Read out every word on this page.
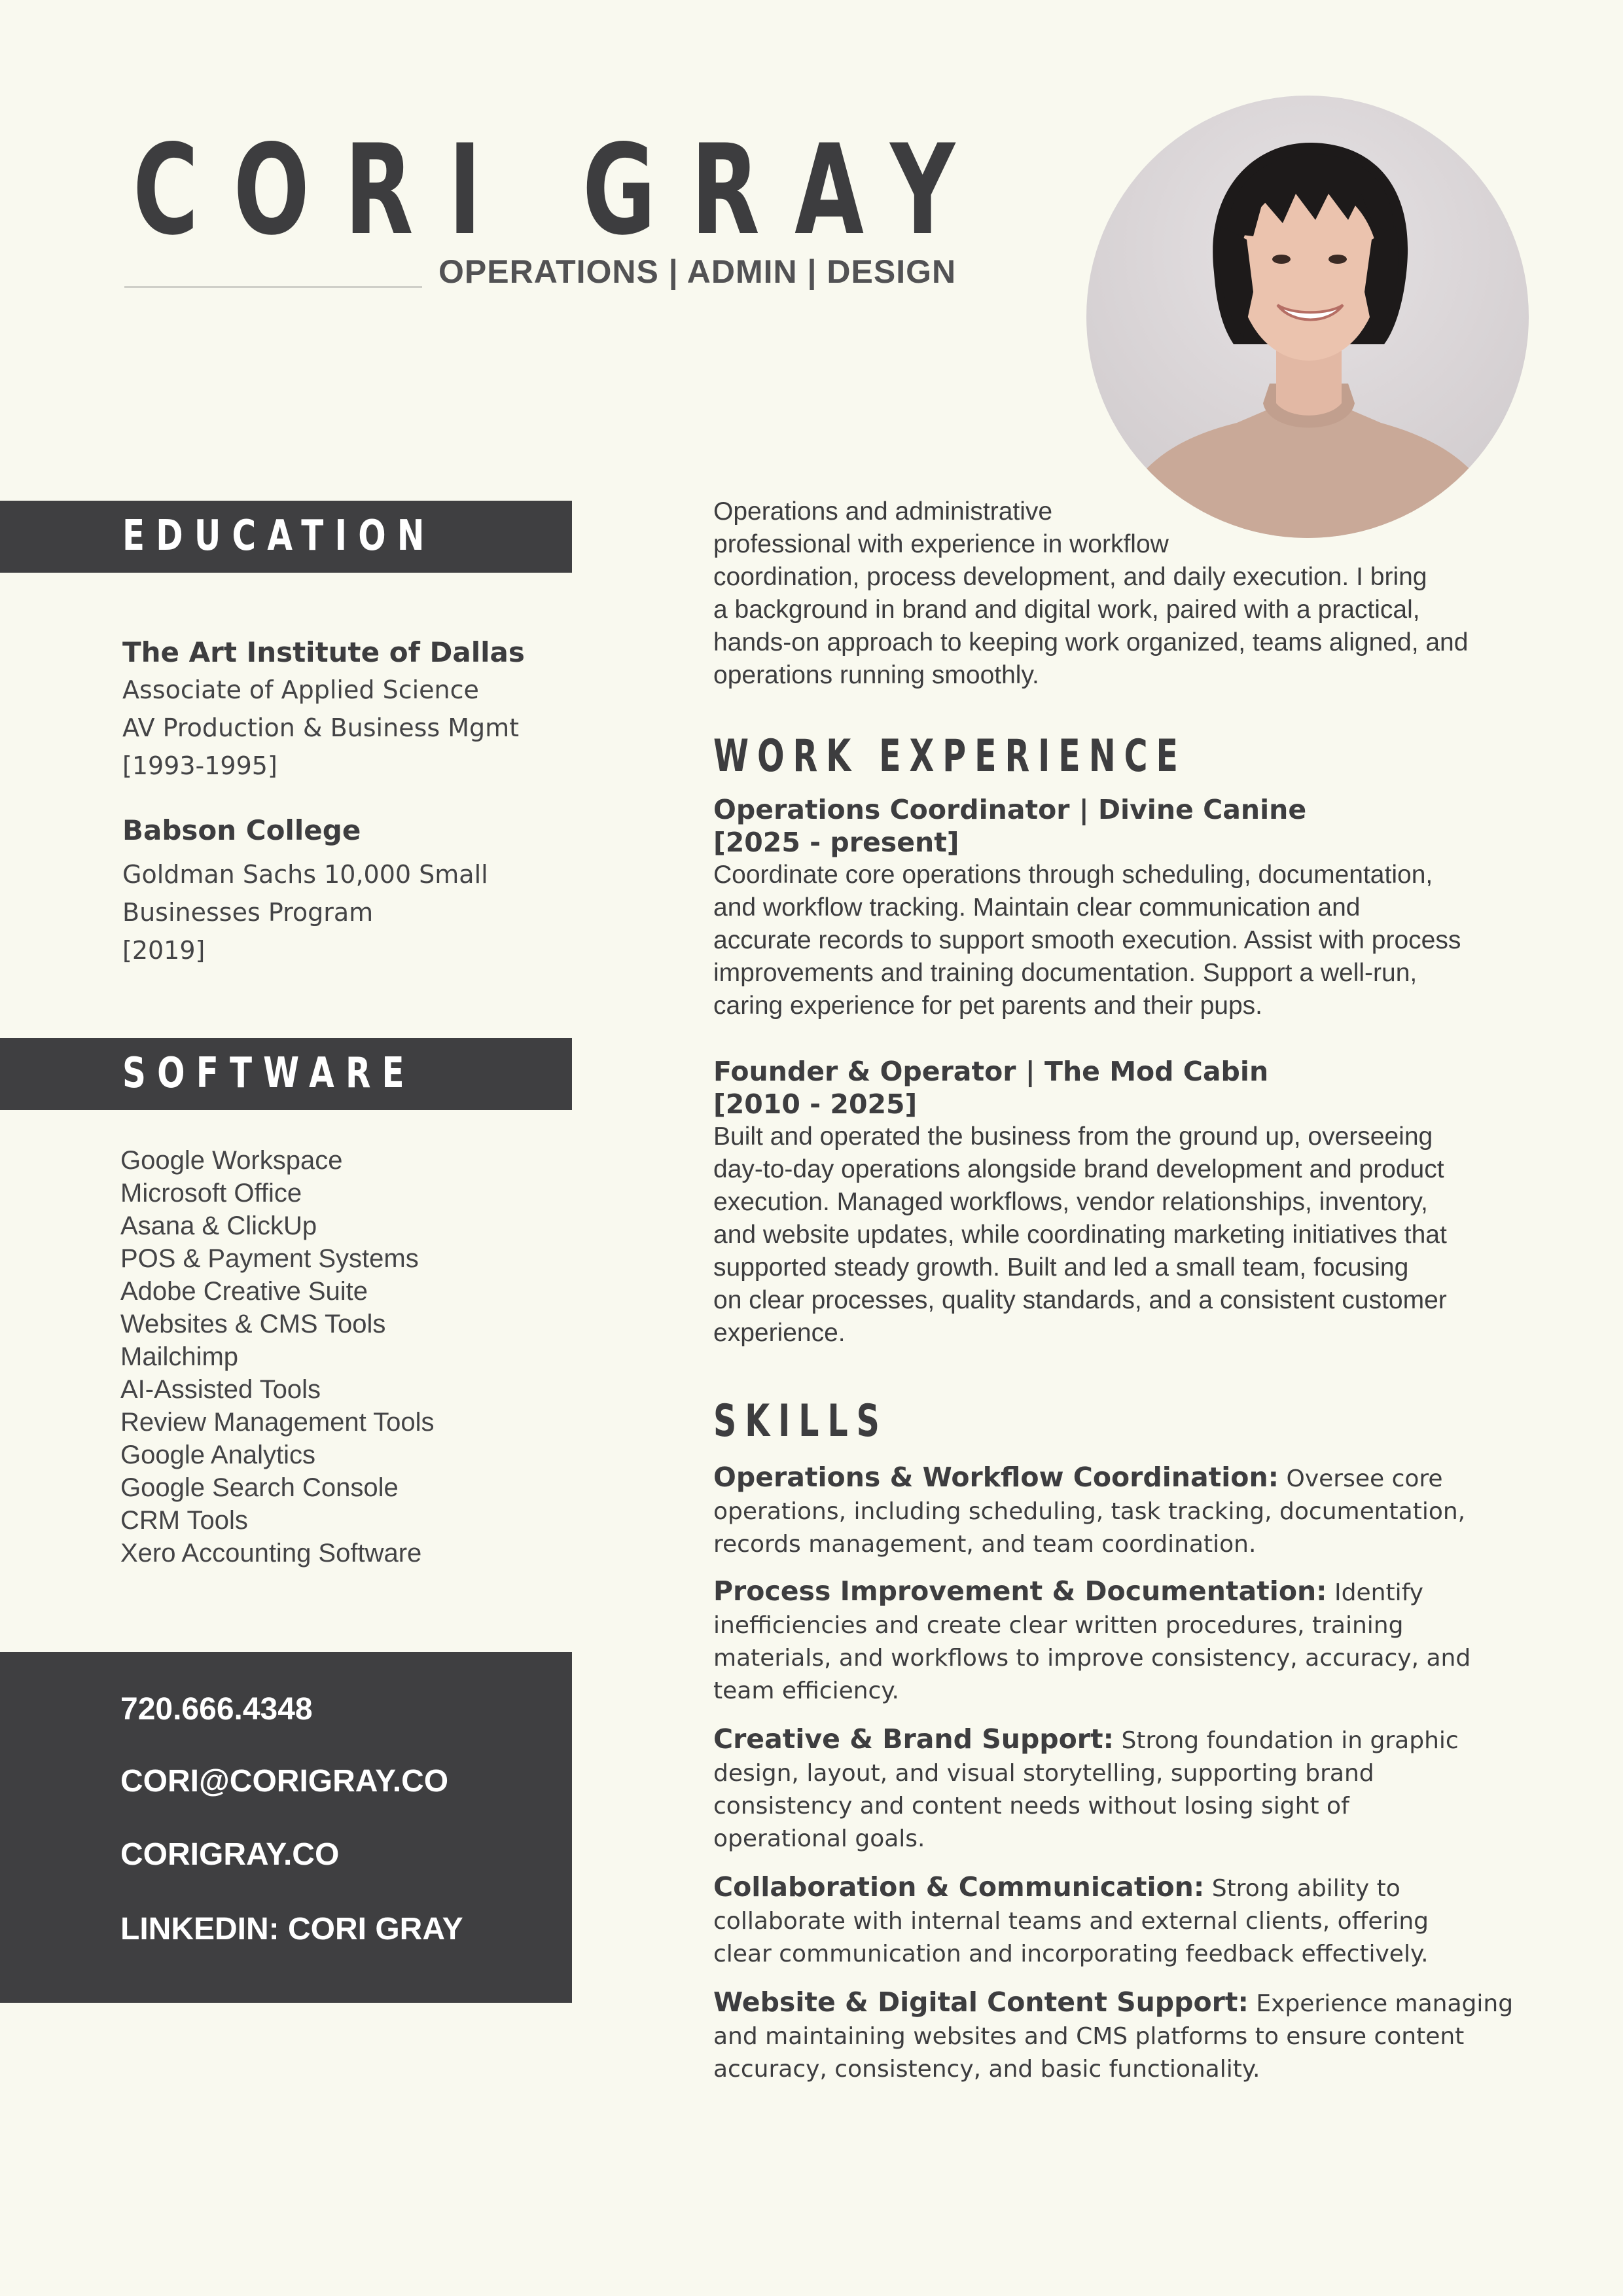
CORI GRAY
OPERATIONS | ADMIN | DESIGN
EDUCATION
The Art Institute of Dallas
Associate of Applied Science
AV Production & Business Mgmt
[1993-1995]
Babson College
Goldman Sachs 10,000 Small
Businesses Program
[2019]
SOFTWARE
Google Workspace
Microsoft Office
Asana & ClickUp
POS & Payment Systems
Adobe Creative Suite
Websites & CMS Tools
Mailchimp
AI-Assisted Tools
Review Management Tools
Google Analytics
Google Search Console
CRM Tools
Xero Accounting Software
720.666.4348
CORI@CORIGRAY.CO
CORIGRAY.CO
LINKEDIN: CORI GRAY

Operations and administrative

professional with experience in workflow

coordination, process development, and daily execution. I bring

a background in brand and digital work, paired with a practical,

hands-on approach to keeping work organized, teams aligned, and

operations running smoothly.

WORK EXPERIENCE
Operations Coordinator | Divine Canine
[2025 - present]
Coordinate core operations through scheduling, documentation,
and workflow tracking. Maintain clear communication and
accurate records to support smooth execution. Assist with process
improvements and training documentation. Support a well-run,
caring experience for pet parents and their pups.
Founder & Operator | The Mod Cabin
[2010 - 2025]
Built and operated the business from the ground up, overseeing
day-to-day operations alongside brand development and product
execution. Managed workflows, vendor relationships, inventory,
and website updates, while coordinating marketing initiatives that
supported steady growth. Built and led a small team, focusing
on clear processes, quality standards, and a consistent customer
experience.
SKILLS

Operations & Workflow Coordination: Oversee core

operations, including scheduling, task tracking, documentation,

records management, and team coordination.

Process Improvement & Documentation: Identify

inefficiencies and create clear written procedures, training

materials, and workflows to improve consistency, accuracy, and

team efficiency.

Creative & Brand Support: Strong foundation in graphic

design, layout, and visual storytelling, supporting brand

consistency and content needs without losing sight of

operational goals.

Collaboration & Communication: Strong ability to

collaborate with internal teams and external clients, offering

clear communication and incorporating feedback effectively.

Website & Digital Content Support: Experience managing

and maintaining websites and CMS platforms to ensure content

accuracy, consistency, and basic functionality.
